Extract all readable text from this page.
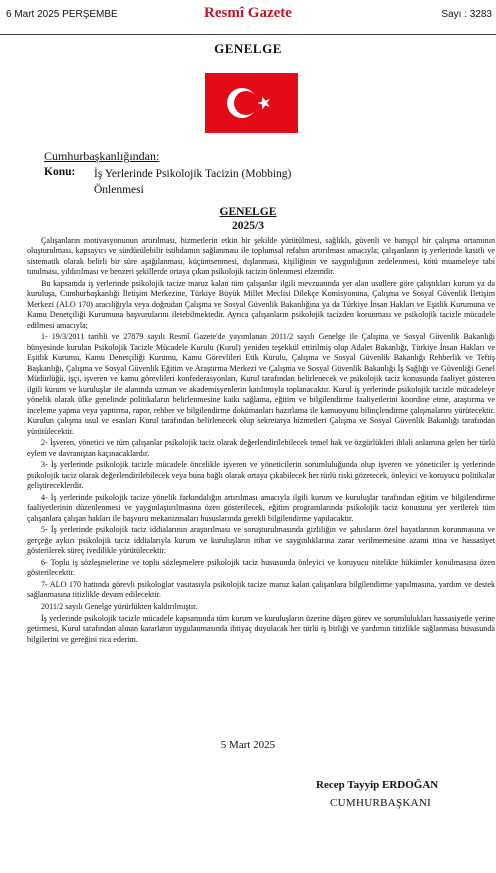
6 Mart 2025 PERŞEMBE	Resmî Gazete	Sayı : 3283
GENELGE
Cumhurbaşkanlığından:
Konu: İş Yerlerinde Psikolojik Tacizin (Mobbing) Önlenmesi
GENELGE
2025/3

Çalışanların motivasyonunun artırılması, hizmetlerin etkin bir şekilde yürütülmesi, sağlıklı, güvenli ve barışçıl bir çalışma ortamının oluşturulması, kapsayıcı ve sürdürülebilir istihdamın sağlanması ile toplumsal refahın artırılması amacıyla; çalışanların iş yerlerinde kasıtlı ve sistematik olarak belirli bir süre aşağılanması, küçümsenmesi, dışlanması, kişiliğinin ve saygınlığının zedelenmesi, kötü muameleye tabi tutulması, yıldırılması ve benzeri şekillerde ortaya çıkan psikolojik tacizin önlenmesi elzemdir.

Bu kapsamda iş yerlerinde psikolojik tacize maruz kalan tüm çalışanlar ilgili mevzuatında yer alan usullere göre çalıştıkları kurum ya da kuruluşa, Cumhurbaşkanlığı İletişim Merkezine, Türkiye Büyük Millet Meclisi Dilekçe Komisyonuna, Çalışma ve Sosyal Güvenlik İletişim Merkezi (ALO 170) aracılığıyla veya doğrudan Çalışma ve Sosyal Güvenlik Bakanlığına ya da Türkiye İnsan Hakları ve Eşitlik Kurumuna ve Kamu Denetçiliği Kurumuna başvurularını iletebilmektedir. Ayrıca çalışanların psikolojik tacizden korunması ve psikolojik tacizle mücadele edilmesi amacıyla;

1- 19/3/2011 tarihli ve 27879 sayılı Resmî Gazete'de yayımlanan 2011/2 sayılı Genelge ile Çalışma ve Sosyal Güvenlik Bakanlığı bünyesinde kurulan Psikolojik Tacizle Mücadele Kurulu (Kurul) yeniden teşekkül ettirilmiş olup Adalet Bakanlığı, Türkiye İnsan Hakları ve Eşitlik Kurumu, Kamu Denetçiliği Kurumu, Kamu Görevlileri Etik Kurulu, Çalışma ve Sosyal Güvenlik Bakanlığı Rehberlik ve Teftiş Başkanlığı, Çalışma ve Sosyal Güvenlik Eğitim ve Araştırma Merkezi ve Çalışma ve Sosyal Güvenlik Bakanlığı İş Sağlığı ve Güvenliği Genel Müdürlüğü, işçi, işveren ve kamu görevlileri konfederasyonları, Kurul tarafından belirlenecek ve psikolojik taciz konusunda faaliyet gösteren ilgili kurum ve kuruluşlar ile alanında uzman ve akademisyenlerin katılımıyla toplanacaktır. Kurul iş yerlerinde psikolojik tacizle mücadeleye yönelik olarak ülke genelinde politikaların belirlenmesine katkı sağlama, eğitim ve bilgilendirme faaliyetlerini koordine etme, araştırma ve inceleme yapma veya yaptırma, rapor, rehber ve bilgilendirme dokümanları hazırlama ile kamuoyunu bilinçlendirme çalışmalarını yürütecektir. Kurulun çalışma usul ve esasları Kurul tarafından belirlenecek olup sekretarya hizmetleri Çalışma ve Sosyal Güvenlik Bakanlığı tarafından yürütülecektir.

2- İşveren, yönetici ve tüm çalışanlar psikolojik taciz olarak değerlendirilebilecek temel hak ve özgürlükleri ihlali anlamına gelen her türlü eylem ve davranıştan kaçınacaklardır.

3- İş yerlerinde psikolojik tacizle mücadele öncelikle işveren ve yöneticilerin sorumluluğunda olup işveren ve yöneticiler iş yerlerinde psikolojik taciz olarak değerlendirilebilecek veya buna bağlı olarak ortaya çıkabilecek her türlü riski gözetecek, önleyici ve koruyucu politikalar geliştireceklerdir.

4- İş yerlerinde psikolojik tacize yönelik farkındalığın artırılması amacıyla ilgili kurum ve kuruluşlar tarafından eğitim ve bilgilendirme faaliyetlerinin düzenlenmesi ve yaygınlaştırılmasına özen gösterilecek, eğitim programlarında psikolojik taciz konusuna yer verilerek tüm çalışanlara çalışan hakları ile başvuru mekanizmaları hususlarında gerekli bilgilendirme yapılacaktır.

5- İş yerlerinde psikolojik taciz iddialarının araştırılması ve soruşturulmasında gizliliğin ve şahısların özel hayatlarının korunmasına ve gerçeğe aykırı psikolojik taciz iddialarıyla kurum ve kuruluşların itibar ve saygınlıklarına zarar verilmemesine azami itina ve hassasiyet gösterilerek süreç ivedilikle yürütülecektir.

6- Toplu iş sözleşmelerine ve toplu sözleşmelere psikolojik taciz hususunda önleyici ve koruyucu nitelikte hükümler konulmasına özen gösterilecektir.

7- ALO 170 hattında görevli psikologlar vasıtasıyla psikolojik tacize maruz kalan çalışanlara bilgilendirme yapılmasına, yardım ve destek sağlanmasına titizlikle devam edilecektir.

2011/2 sayılı Genelge yürürlükten kaldırılmıştır.

İş yerlerinde psikolojik tacizle mücadele kapsamında tüm kurum ve kuruluşların üzerine düşen görev ve sorumlulukları hassasiyetle yerine getirmesi, Kurul tarafından alınan kararların uygulanmasında ihtiyaç duyulacak her türlü iş birliği ve yardımın titizlikle sağlanması hususunda bilgilerini ve gereğini rica ederim.

5 Mart 2025
Recep Tayyip ERDOĞAN
CUMHURBAŞKANI
